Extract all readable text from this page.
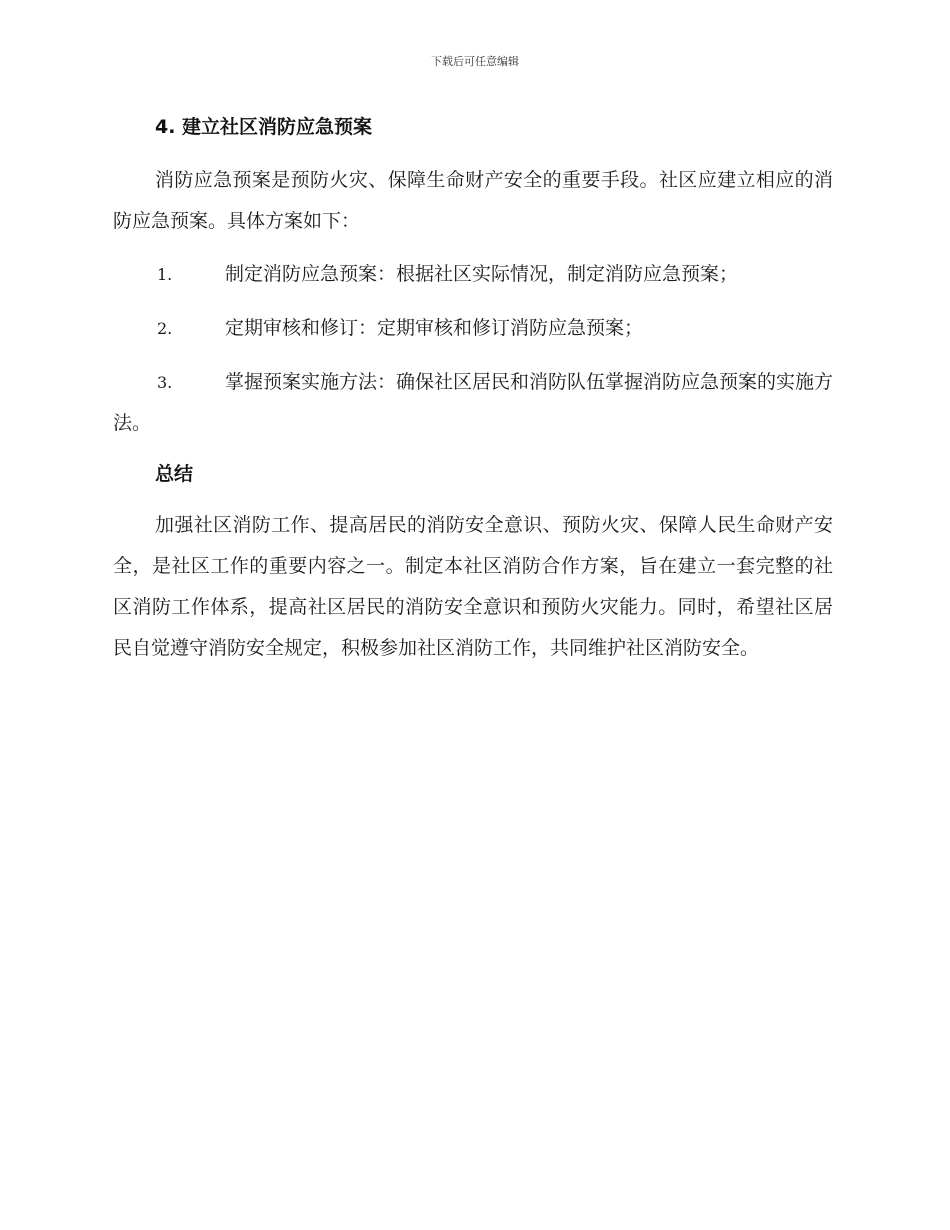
下载后可任意编辑
4. 建立社区消防应急预案

消防应急预案是预防火灾、保障生命财产安全的重要手段。社区应建立相应的消防应急预案。具体方案如下：

1.	制定消防应急预案：根据社区实际情况，制定消防应急预案；
2.	定期审核和修订：定期审核和修订消防应急预案；
3.	掌握预案实施方法：确保社区居民和消防队伍掌握消防应急预案的实施方法。
总结

加强社区消防工作、提高居民的消防安全意识、预防火灾、保障人民生命财产安全，是社区工作的重要内容之一。制定本社区消防合作方案，旨在建立一套完整的社区消防工作体系，提高社区居民的消防安全意识和预防火灾能力。同时，希望社区居民自觉遵守消防安全规定，积极参加社区消防工作，共同维护社区消防安全。
